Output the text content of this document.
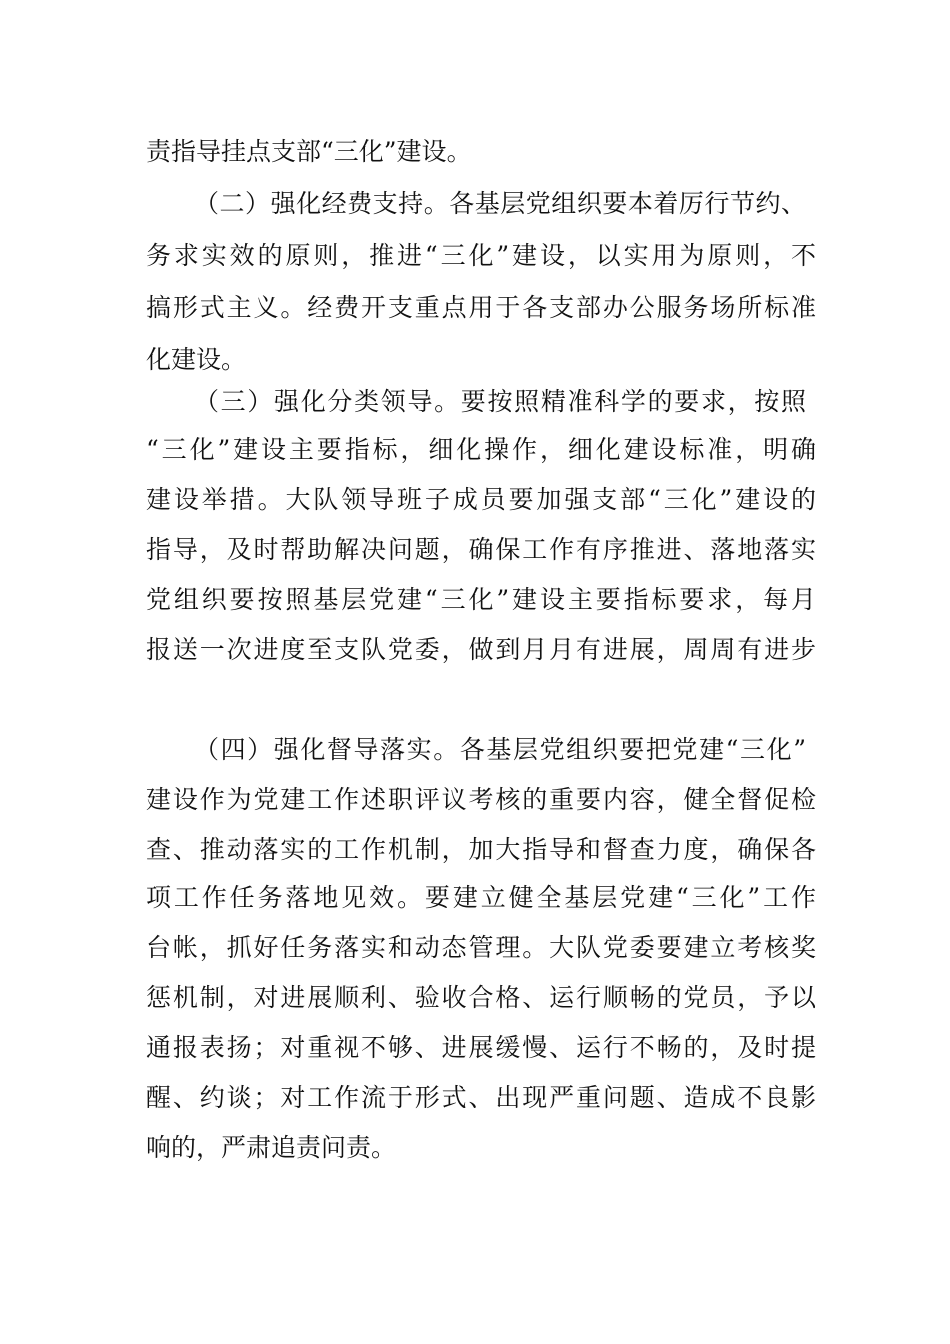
责指导挂点支部“三化”建设。
（二）强化经费支持。各基层党组织要本着厉行节约、
务求实效的原则，推进“三化”建设，以实用为原则，不
搞形式主义。经费开支重点用于各支部办公服务场所标准
化建设。
（三）强化分类领导。要按照精准科学的要求，按照
“三化”建设主要指标，细化操作，细化建设标准，明确
建设举措。大队领导班子成员要加强支部“三化”建设的
指导，及时帮助解决问题，确保工作有序推进、落地落实
党组织要按照基层党建“三化”建设主要指标要求，每月
报送一次进度至支队党委，做到月月有进展，周周有进步
（四）强化督导落实。各基层党组织要把党建“三化”
建设作为党建工作述职评议考核的重要内容，健全督促检
查、推动落实的工作机制，加大指导和督查力度，确保各
项工作任务落地见效。要建立健全基层党建“三化”工作
台帐，抓好任务落实和动态管理。大队党委要建立考核奖
惩机制，对进展顺利、验收合格、运行顺畅的党员，予以
通报表扬；对重视不够、进展缓慢、运行不畅的，及时提
醒、约谈；对工作流于形式、出现严重问题、造成不良影
响的，严肃追责问责。
